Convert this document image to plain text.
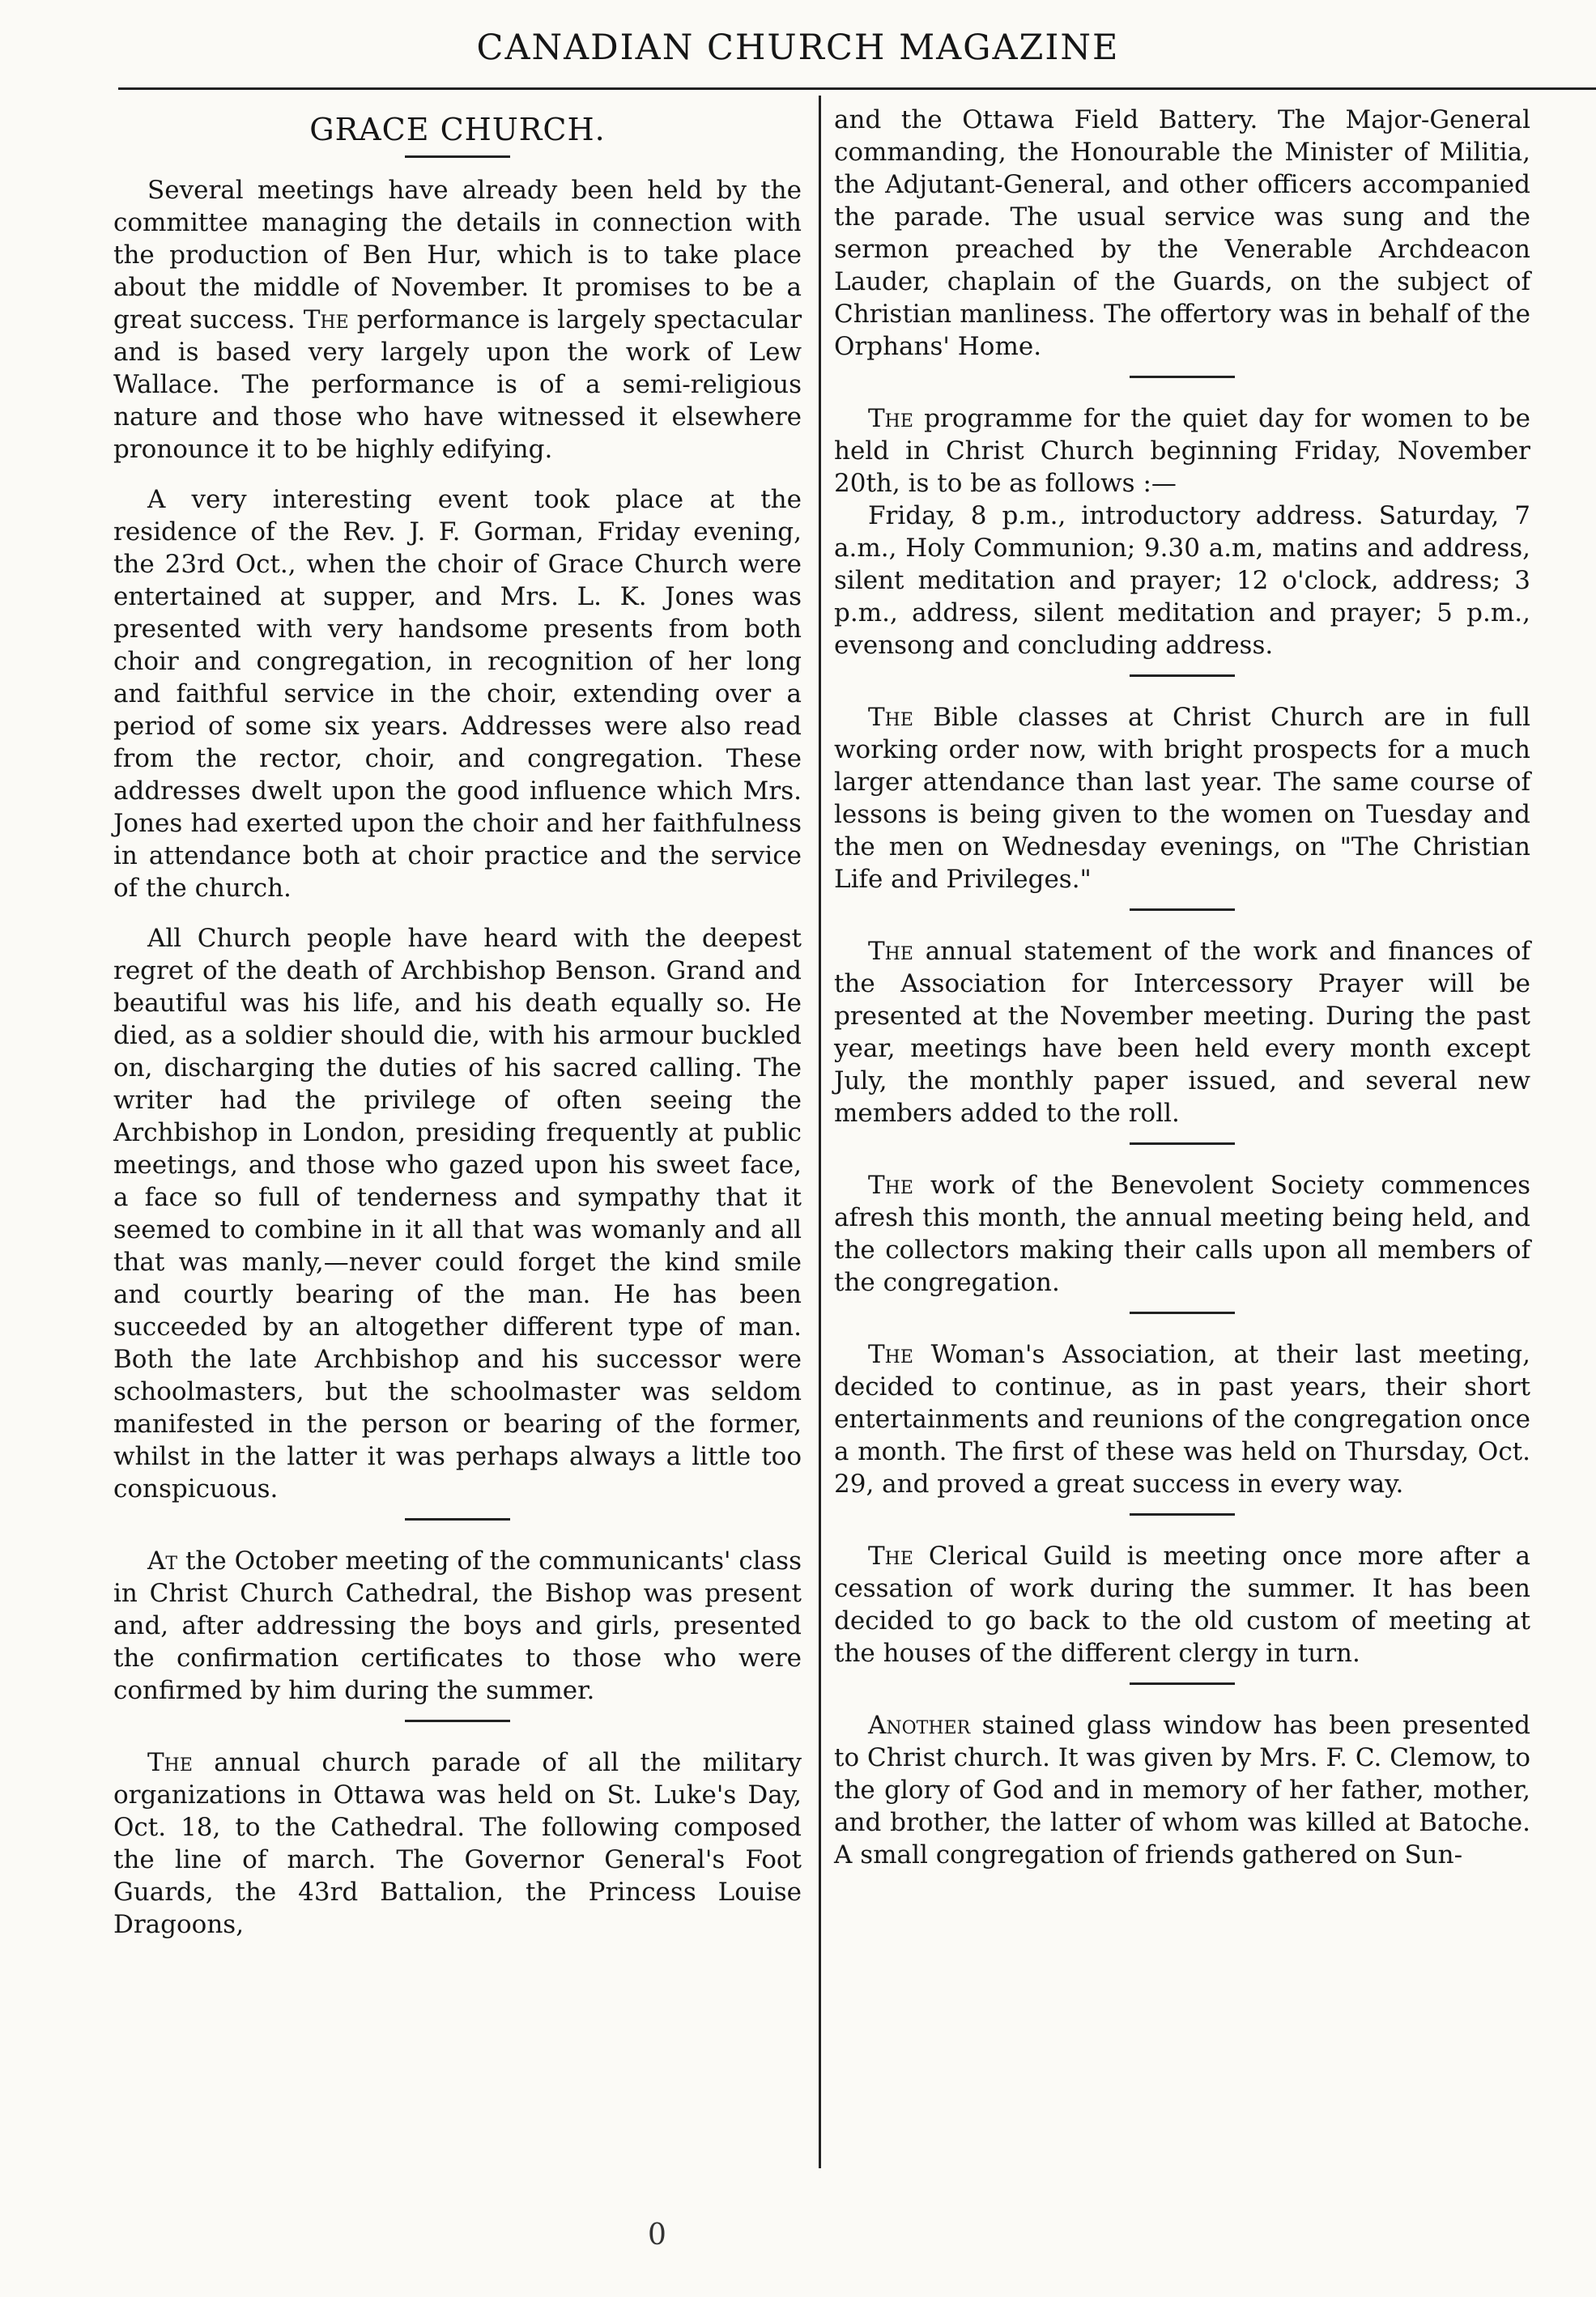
CANADIAN CHURCH MAGAZINE
GRACE CHURCH.

Several meetings have already been held by the committee managing the details in connection with the production of Ben Hur, which is to take place about the middle of November. It promises to be a great success. The performance is largely spectacular and is based very largely upon the work of Lew Wallace. The performance is of a semi-religious nature and those who have witnessed it elsewhere pronounce it to be highly edifying.

A very interesting event took place at the residence of the Rev. J. F. Gorman, Friday evening, the 23rd Oct., when the choir of Grace Church were entertained at supper, and Mrs. L. K. Jones was presented with very handsome presents from both choir and congregation, in recognition of her long and faithful service in the choir, extending over a period of some six years. Addresses were also read from the rector, choir, and congregation. These addresses dwelt upon the good influence which Mrs. Jones had exerted upon the choir and her faithfulness in attendance both at choir practice and the service of the church.

All Church people have heard with the deepest regret of the death of Archbishop Benson. Grand and beautiful was his life, and his death equally so. He died, as a soldier should die, with his armour buckled on, discharging the duties of his sacred calling. The writer had the privilege of often seeing the Archbishop in London, presiding frequently at public meetings, and those who gazed upon his sweet face, a face so full of tenderness and sympathy that it seemed to combine in it all that was womanly and all that was manly,—never could forget the kind smile and courtly bearing of the man. He has been succeeded by an altogether different type of man. Both the late Archbishop and his successor were schoolmasters, but the schoolmaster was seldom manifested in the person or bearing of the former, whilst in the latter it was perhaps always a little too conspicuous.

At the October meeting of the communicants' class in Christ Church Cathedral, the Bishop was present and, after addressing the boys and girls, presented the confirmation certificates to those who were confirmed by him during the summer.

The annual church parade of all the military organizations in Ottawa was held on St. Luke's Day, Oct. 18, to the Cathedral. The following composed the line of march. The Governor General's Foot Guards, the 43rd Battalion, the Princess Louise Dragoons,

and the Ottawa Field Battery. The Major-General commanding, the Honourable the Minister of Militia, the Adjutant-General, and other officers accompanied the parade. The usual service was sung and the sermon preached by the Venerable Archdeacon Lauder, chaplain of the Guards, on the subject of Christian manliness. The offertory was in behalf of the Orphans' Home.

The programme for the quiet day for women to be held in Christ Church beginning Friday, November 20th, is to be as follows :—

Friday, 8 p.m., introductory address. Saturday, 7 a.m., Holy Communion; 9.30 a.m, matins and address, silent meditation and prayer; 12 o'clock, address; 3 p.m., address, silent meditation and prayer; 5 p.m., evensong and concluding address.

The Bible classes at Christ Church are in full working order now, with bright prospects for a much larger attendance than last year. The same course of lessons is being given to the women on Tuesday and the men on Wednesday evenings, on "The Christian Life and Privileges."

The annual statement of the work and finances of the Association for Intercessory Prayer will be presented at the November meeting. During the past year, meetings have been held every month except July, the monthly paper issued, and several new members added to the roll.

The work of the Benevolent Society commences afresh this month, the annual meeting being held, and the collectors making their calls upon all members of the congregation.

The Woman's Association, at their last meeting, decided to continue, as in past years, their short entertainments and reunions of the congregation once a month. The first of these was held on Thursday, Oct. 29, and proved a great success in every way.

The Clerical Guild is meeting once more after a cessation of work during the summer. It has been decided to go back to the old custom of meeting at the houses of the different clergy in turn.

Another stained glass window has been presented to Christ church. It was given by Mrs. F. C. Clemow, to the glory of God and in memory of her father, mother, and brother, the latter of whom was killed at Batoche. A small congregation of friends gathered on Sun-

0
